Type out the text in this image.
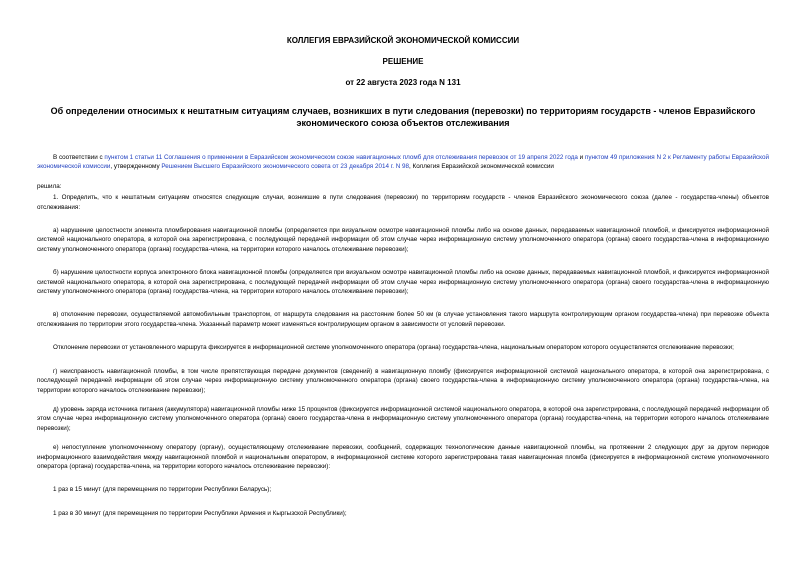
КОЛЛЕГИЯ ЕВРАЗИЙСКОЙ ЭКОНОМИЧЕСКОЙ КОМИССИИ
РЕШЕНИЕ
от 22 августа 2023 года N 131
Об определении относимых к нештатным ситуациям случаев, возникших в пути следования (перевозки) по территориям государств - членов Евразийского экономического союза объектов отслеживания
В соответствии с пунктом 1 статьи 11 Соглашения о применении в Евразийском экономическом союзе навигационных пломб для отслеживания перевозок от 19 апреля 2022 года и пунктом 49 приложения N 2 к Регламенту работы Евразийской экономической комиссии, утвержденному Решением Высшего Евразийского экономического совета от 23 декабря 2014 г. N 98, Коллегия Евразийской экономической комиссии
решила:
1. Определить, что к нештатным ситуациям относятся следующие случаи, возникшие в пути следования (перевозки) по территориям государств - членов Евразийского экономического союза (далее - государства-члены) объектов отслеживания:
а) нарушение целостности элемента пломбирования навигационной пломбы (определяется при визуальном осмотре навигационной пломбы либо на основе данных, передаваемых навигационной пломбой, и фиксируется информационной системой национального оператора, в которой она зарегистрирована, с последующей передачей информации об этом случае через информационную систему уполномоченного оператора (органа) своего государства-члена в информационную систему уполномоченного оператора (органа) государства-члена, на территории которого началось отслеживание перевозки);
б) нарушение целостности корпуса электронного блока навигационной пломбы (определяется при визуальном осмотре навигационной пломбы либо на основе данных, передаваемых навигационной пломбой, и фиксируется информационной системой национального оператора, в которой она зарегистрирована, с последующей передачей информации об этом случае через информационную систему уполномоченного оператора (органа) своего государства-члена в информационную систему уполномоченного оператора (органа) государства-члена, на территории которого началось отслеживание перевозки);
в) отклонение перевозки, осуществляемой автомобильным транспортом, от маршрута следования на расстояние более 50 км (в случае установления такого маршрута контролирующим органом государства-члена) при перевозке объекта отслеживания по территории этого государства-члена. Указанный параметр может изменяться контролирующим органом в зависимости от условий перевозки.
Отклонение перевозки от установленного маршрута фиксируется в информационной системе уполномоченного оператора (органа) государства-члена, национальным оператором которого осуществляется отслеживание перевозки;
г) неисправность навигационной пломбы, в том числе препятствующая передаче документов (сведений) в навигационную пломбу (фиксируется информационной системой национального оператора, в которой она зарегистрирована, с последующей передачей информации об этом случае через информационную систему уполномоченного оператора (органа) своего государства-члена в информационную систему уполномоченного оператора (органа) государства-члена, на территории которого началось отслеживание перевозки);
д) уровень заряда источника питания (аккумулятора) навигационной пломбы ниже 15 процентов (фиксируется информационной системой национального оператора, в которой она зарегистрирована, с последующей передачей информации об этом случае через информационную систему уполномоченного оператора (органа) своего государства-члена в информационную систему уполномоченного оператора (органа) государства-члена, на территории которого началось отслеживание перевозки);
е) непоступление уполномоченному оператору (органу), осуществляющему отслеживание перевозки, сообщений, содержащих технологические данные навигационной пломбы, на протяжении 2 следующих друг за другом периодов информационного взаимодействия между навигационной пломбой и национальным оператором, в информационной системе которого зарегистрирована такая навигационная пломба (фиксируется в информационной системе уполномоченного оператора (органа) государства-члена, на территории которого началось отслеживание перевозки):
1 раз в 15 минут (для перемещения по территории Республики Беларусь);
1 раз в 30 минут (для перемещения по территории Республики Армения и Кыргызской Республики);
